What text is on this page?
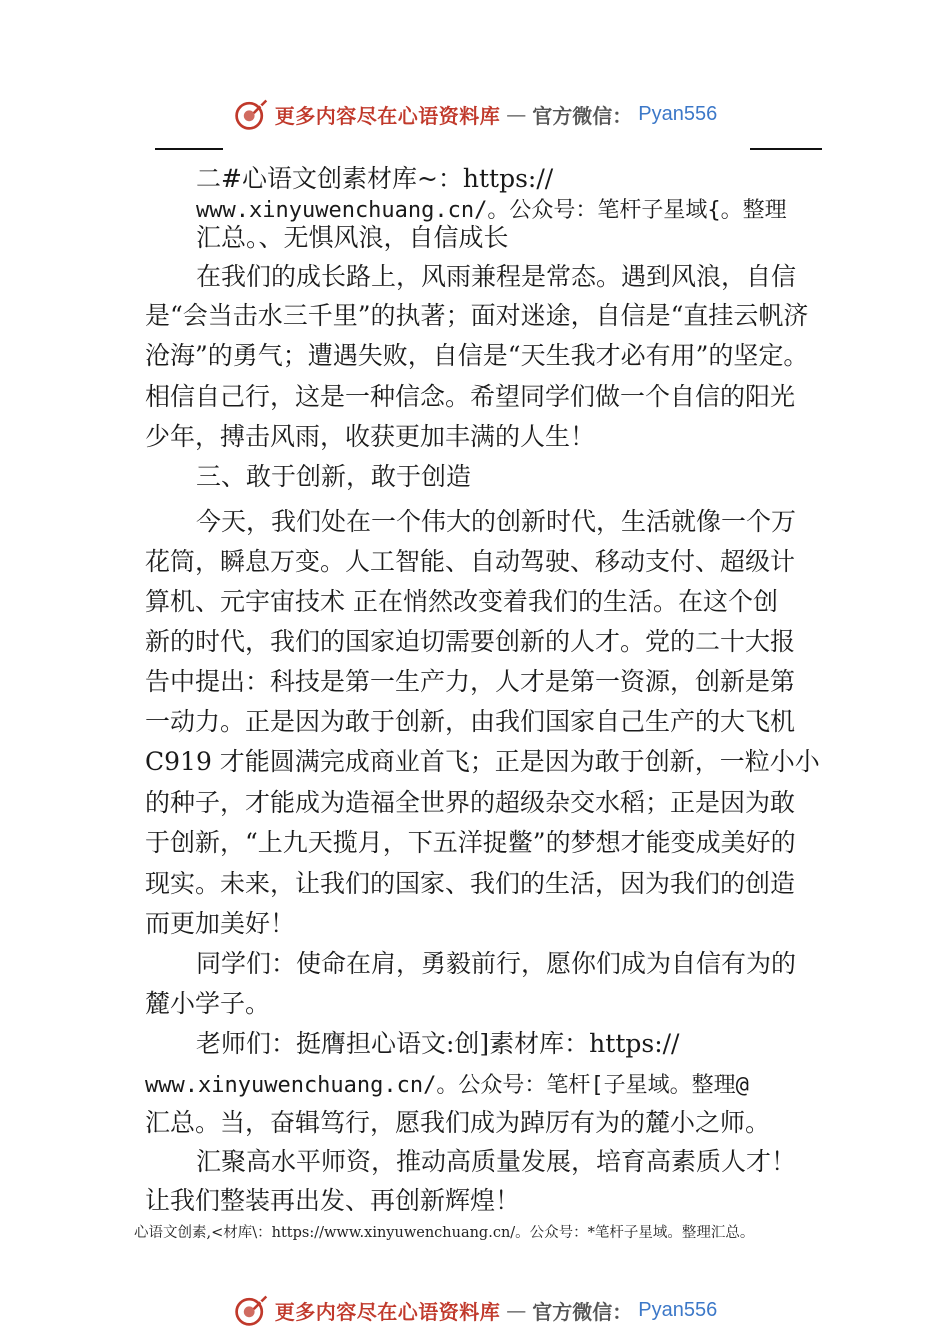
更多内容尽在心语资料库 — 官方微信： Pyan556
二#心语文创素材库~：https://
www.xinyuwenchuang.cn/。公众号：笔杆子星域{。整理
汇总。、无惧风浪，自信成长
在我们的成长路上，风雨兼程是常态。遇到风浪，自信
是“会当击水三千里”的执著；面对迷途，自信是“直挂云帆济
沧海”的勇气；遭遇失败，自信是“天生我才必有用”的坚定。
相信自己行，这是一种信念。希望同学们做一个自信的阳光
少年，搏击风雨，收获更加丰满的人生！
三、敢于创新，敢于创造
今天，我们处在一个伟大的创新时代，生活就像一个万
花筒，瞬息万变。人工智能、自动驾驶、移动支付、超级计
算机、元宇宙技术 正在悄然改变着我们的生活。在这个创
新的时代，我们的国家迫切需要创新的人才。党的二十大报
告中提出：科技是第一生产力，人才是第一资源，创新是第
一动力。正是因为敢于创新，由我们国家自己生产的大飞机
C919 才能圆满完成商业首飞；正是因为敢于创新，一粒小小
的种子，才能成为造福全世界的超级杂交水稻；正是因为敢
于创新，“上九天揽月，下五洋捉鳖”的梦想才能变成美好的
现实。未来，让我们的国家、我们的生活，因为我们的创造
而更加美好！
同学们：使命在肩，勇毅前行，愿你们成为自信有为的
麓小学子。
老师们：挺膺担心语文:创]素材库：https://
www.xinyuwenchuang.cn/。公众号：笔杆[子星域。整理@
汇总。当，奋辑笃行，愿我们成为踔厉有为的麓小之师。
汇聚高水平师资，推动高质量发展，培育高素质人才！
让我们整装再出发、再创新辉煌！
心语文创素,<材库\：https://www.xinyuwenchuang.cn/。公众号：*笔杆子星域。整理汇总。
更多内容尽在心语资料库 — 官方微信： Pyan556
